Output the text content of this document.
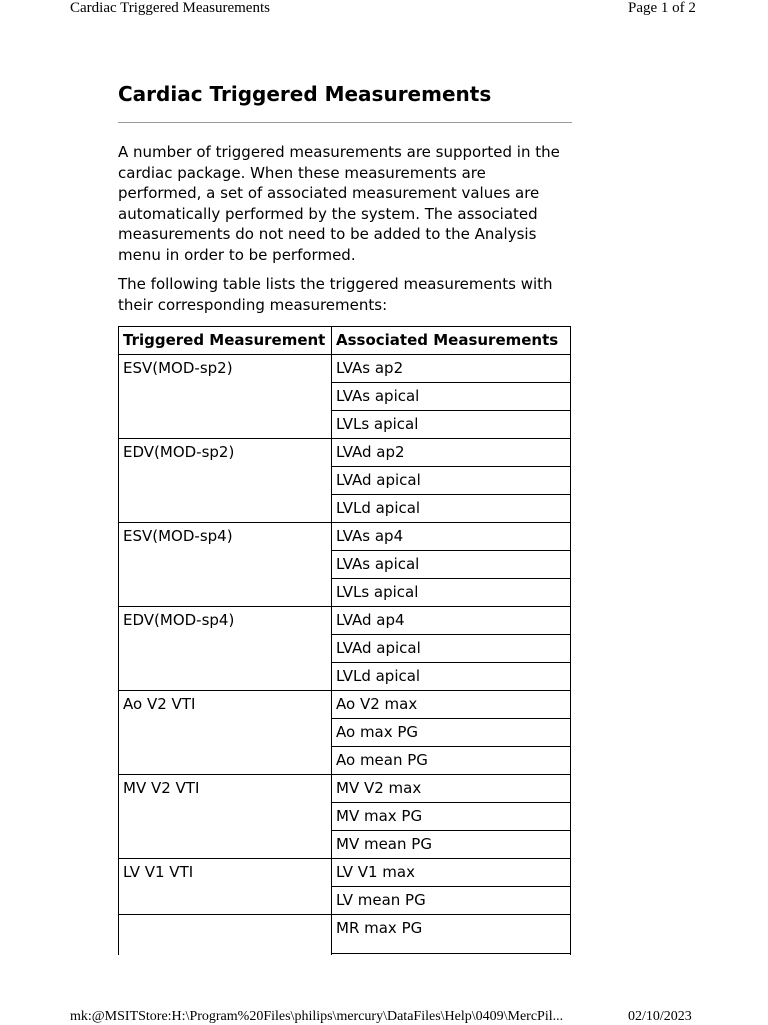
Cardiac Triggered Measurements	Page 1 of 2
Cardiac Triggered Measurements

A number of triggered measurements are supported in the cardiac package. When these measurements are performed, a set of associated measurement values are automatically performed by the system. The associated measurements do not need to be added to the Analysis menu in order to be performed.

The following table lists the triggered measurements with their corresponding measurements:

Triggered Measurement	Associated Measurements
ESV(MOD-sp2)	LVAs ap2
	LVAs apical
	LVLs apical
EDV(MOD-sp2)	LVAd ap2
	LVAd apical
	LVLd apical
ESV(MOD-sp4)	LVAs ap4
	LVAs apical
	LVLs apical
EDV(MOD-sp4)	LVAd ap4
	LVAd apical
	LVLd apical
Ao V2 VTI	Ao V2 max
	Ao max PG
	Ao mean PG
MV V2 VTI	MV V2 max
	MV max PG
	MV mean PG
LV V1 VTI	LV V1 max
	LV mean PG
	MR max PG

mk:@MSITStore:H:\Program%20Files\philips\mercury\DataFiles\Help\0409\MercPil...	02/10/2023
